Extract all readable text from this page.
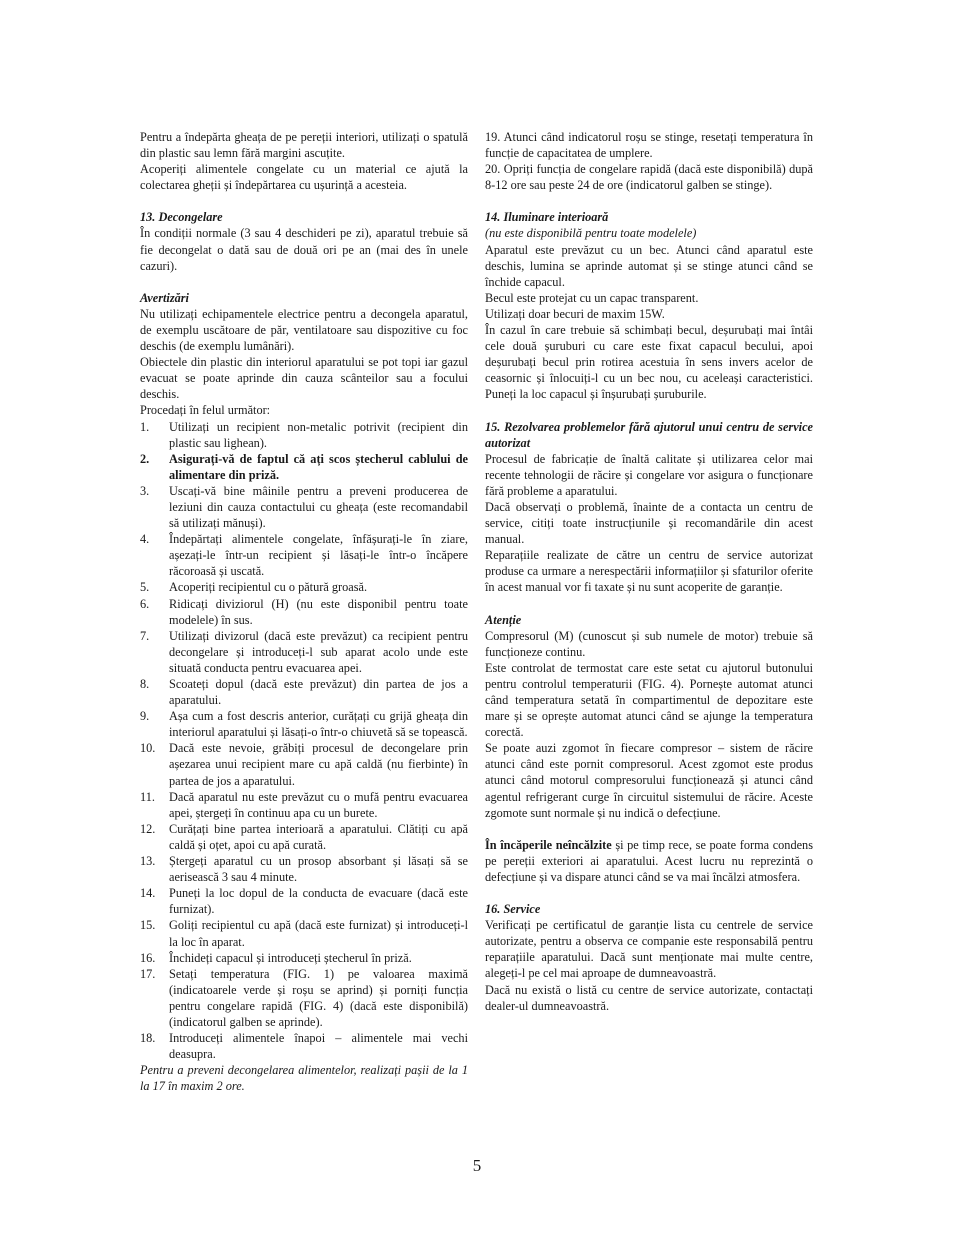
Pentru a îndepărta gheața de pe pereții interiori, utilizați o spatulă din plastic sau lemn fără margini ascuțite.

Acoperiți alimentele congelate cu un material ce ajută la colectarea gheții și îndepărtarea cu ușurință a acesteia.

13. Decongelare

În condiții normale (3 sau 4 deschideri pe zi), aparatul trebuie să fie decongelat o dată sau de două ori pe an (mai des în unele cazuri).

Avertizări

Nu utilizați echipamentele electrice pentru a decongela aparatul, de exemplu uscătoare de păr, ventilatoare sau dispozitive cu foc deschis (de exemplu lumânări).

Obiectele din plastic din interiorul aparatului se pot topi iar gazul evacuat se poate aprinde din cauza scânteilor sau a focului deschis.

Procedați în felul următor:

1.	Utilizați un recipient non-metalic potrivit (recipient din plastic sau lighean).
2.	Asigurați-vă de faptul că ați scos ștecherul cablului de alimentare din priză.
3.	Uscați-vă bine mâinile pentru a preveni producerea de leziuni din cauza contactului cu gheața (este recomandabil să utilizați mănuși).
4.	Îndepărtați alimentele congelate, înfășurați-le în ziare, așezați-le într-un recipient și lăsați-le într-o încăpere răcoroasă și uscată.
5.	Acoperiți recipientul cu o pătură groasă.
6.	Ridicați diviziorul (H) (nu este disponibil pentru toate modelele) în sus.
7.	Utilizați divizorul (dacă este prevăzut) ca recipient pentru decongelare și introduceți-l sub aparat acolo unde este situată conducta pentru evacuarea apei.
8.	Scoateți dopul (dacă este prevăzut) din partea de jos a aparatului.
9.	Așa cum a fost descris anterior, curățați cu grijă gheața din interiorul aparatului și lăsați-o într-o chiuvetă să se topească.
10.	Dacă este nevoie, grăbiți procesul de decongelare prin așezarea unui recipient mare cu apă caldă (nu fierbinte) în partea de jos a aparatului.
11.	Dacă aparatul nu este prevăzut cu o mufă pentru evacuarea apei, ștergeți în continuu apa cu un burete.
12.	Curățați bine partea interioară a aparatului. Clătiți cu apă caldă și oțet, apoi cu apă curată.
13.	Ștergeți aparatul cu un prosop absorbant și lăsați să se aerisească 3 sau 4 minute.
14.	Puneți la loc dopul de la conducta de evacuare (dacă este furnizat).
15.	Goliți recipientul cu apă (dacă este furnizat) și introduceți-l la loc în aparat.
16.	Închideți capacul și introduceți ștecherul în priză.
17.	Setați temperatura (FIG. 1) pe valoarea maximă (indicatoarele verde și roșu se aprind) și porniți funcția pentru congelare rapidă (FIG. 4) (dacă este disponibilă) (indicatorul galben se aprinde).
18.	Introduceți alimentele înapoi – alimentele mai vechi deasupra.

Pentru a preveni decongelarea alimentelor, realizați pașii de la 1 la 17 în maxim 2 ore.

19. Atunci când indicatorul roșu se stinge, resetați temperatura în funcție de capacitatea de umplere.

20. Opriți funcția de congelare rapidă (dacă este disponibilă) după 8-12 ore sau peste 24 de ore (indicatorul galben se stinge).

14. Iluminare interioară

(nu este disponibilă pentru toate modelele)

Aparatul este prevăzut cu un bec. Atunci când aparatul este deschis, lumina se aprinde automat și se stinge atunci când se închide capacul.

Becul este protejat cu un capac transparent.

Utilizați doar becuri de maxim 15W.

În cazul în care trebuie să schimbați becul, deșurubați mai întâi cele două șuruburi cu care este fixat capacul becului, apoi deșurubați becul prin rotirea acestuia în sens invers acelor de ceasornic și înlocuiți-l cu un bec nou, cu aceleași caracteristici. Puneți la loc capacul și înșurubați șuruburile.

15. Rezolvarea problemelor fără ajutorul unui centru de service autorizat

Procesul de fabricație de înaltă calitate și utilizarea celor mai recente tehnologii de răcire și congelare vor asigura o funcționare fără probleme a aparatului.

Dacă observați o problemă, înainte de a contacta un centru de service, citiți toate instrucțiunile și recomandările din acest manual.

Reparațiile realizate de către un centru de service autorizat produse ca urmare a nerespectării informațiilor și sfaturilor oferite în acest manual vor fi taxate și nu sunt acoperite de garanție.

Atenție

Compresorul (M) (cunoscut și sub numele de motor) trebuie să funcționeze continu.

Este controlat de termostat care este setat cu ajutorul butonului pentru controlul temperaturii (FIG. 4). Pornește automat atunci când temperatura setată în compartimentul de depozitare este mare și se oprește automat atunci când se ajunge la temperatura corectă.

Se poate auzi zgomot în fiecare compresor – sistem de răcire atunci când este pornit compresorul. Acest zgomot este produs atunci când motorul compresorului funcționează și atunci când agentul refrigerant curge în circuitul sistemului de răcire. Aceste zgomote sunt normale și nu indică o defecțiune.

În încăperile neîncălzite și pe timp rece, se poate forma condens pe pereții exteriori ai aparatului. Acest lucru nu reprezintă o defecțiune și va dispare atunci când se va mai încălzi atmosfera.

16. Service

Verificați pe certificatul de garanție lista cu centrele de service autorizate, pentru a observa ce companie este responsabilă pentru reparațiile aparatului. Dacă sunt menționate mai multe centre, alegeți-l pe cel mai aproape de dumneavoastră.

Dacă nu există o listă cu centre de service autorizate, contactați dealer-ul dumneavoastră.

5
